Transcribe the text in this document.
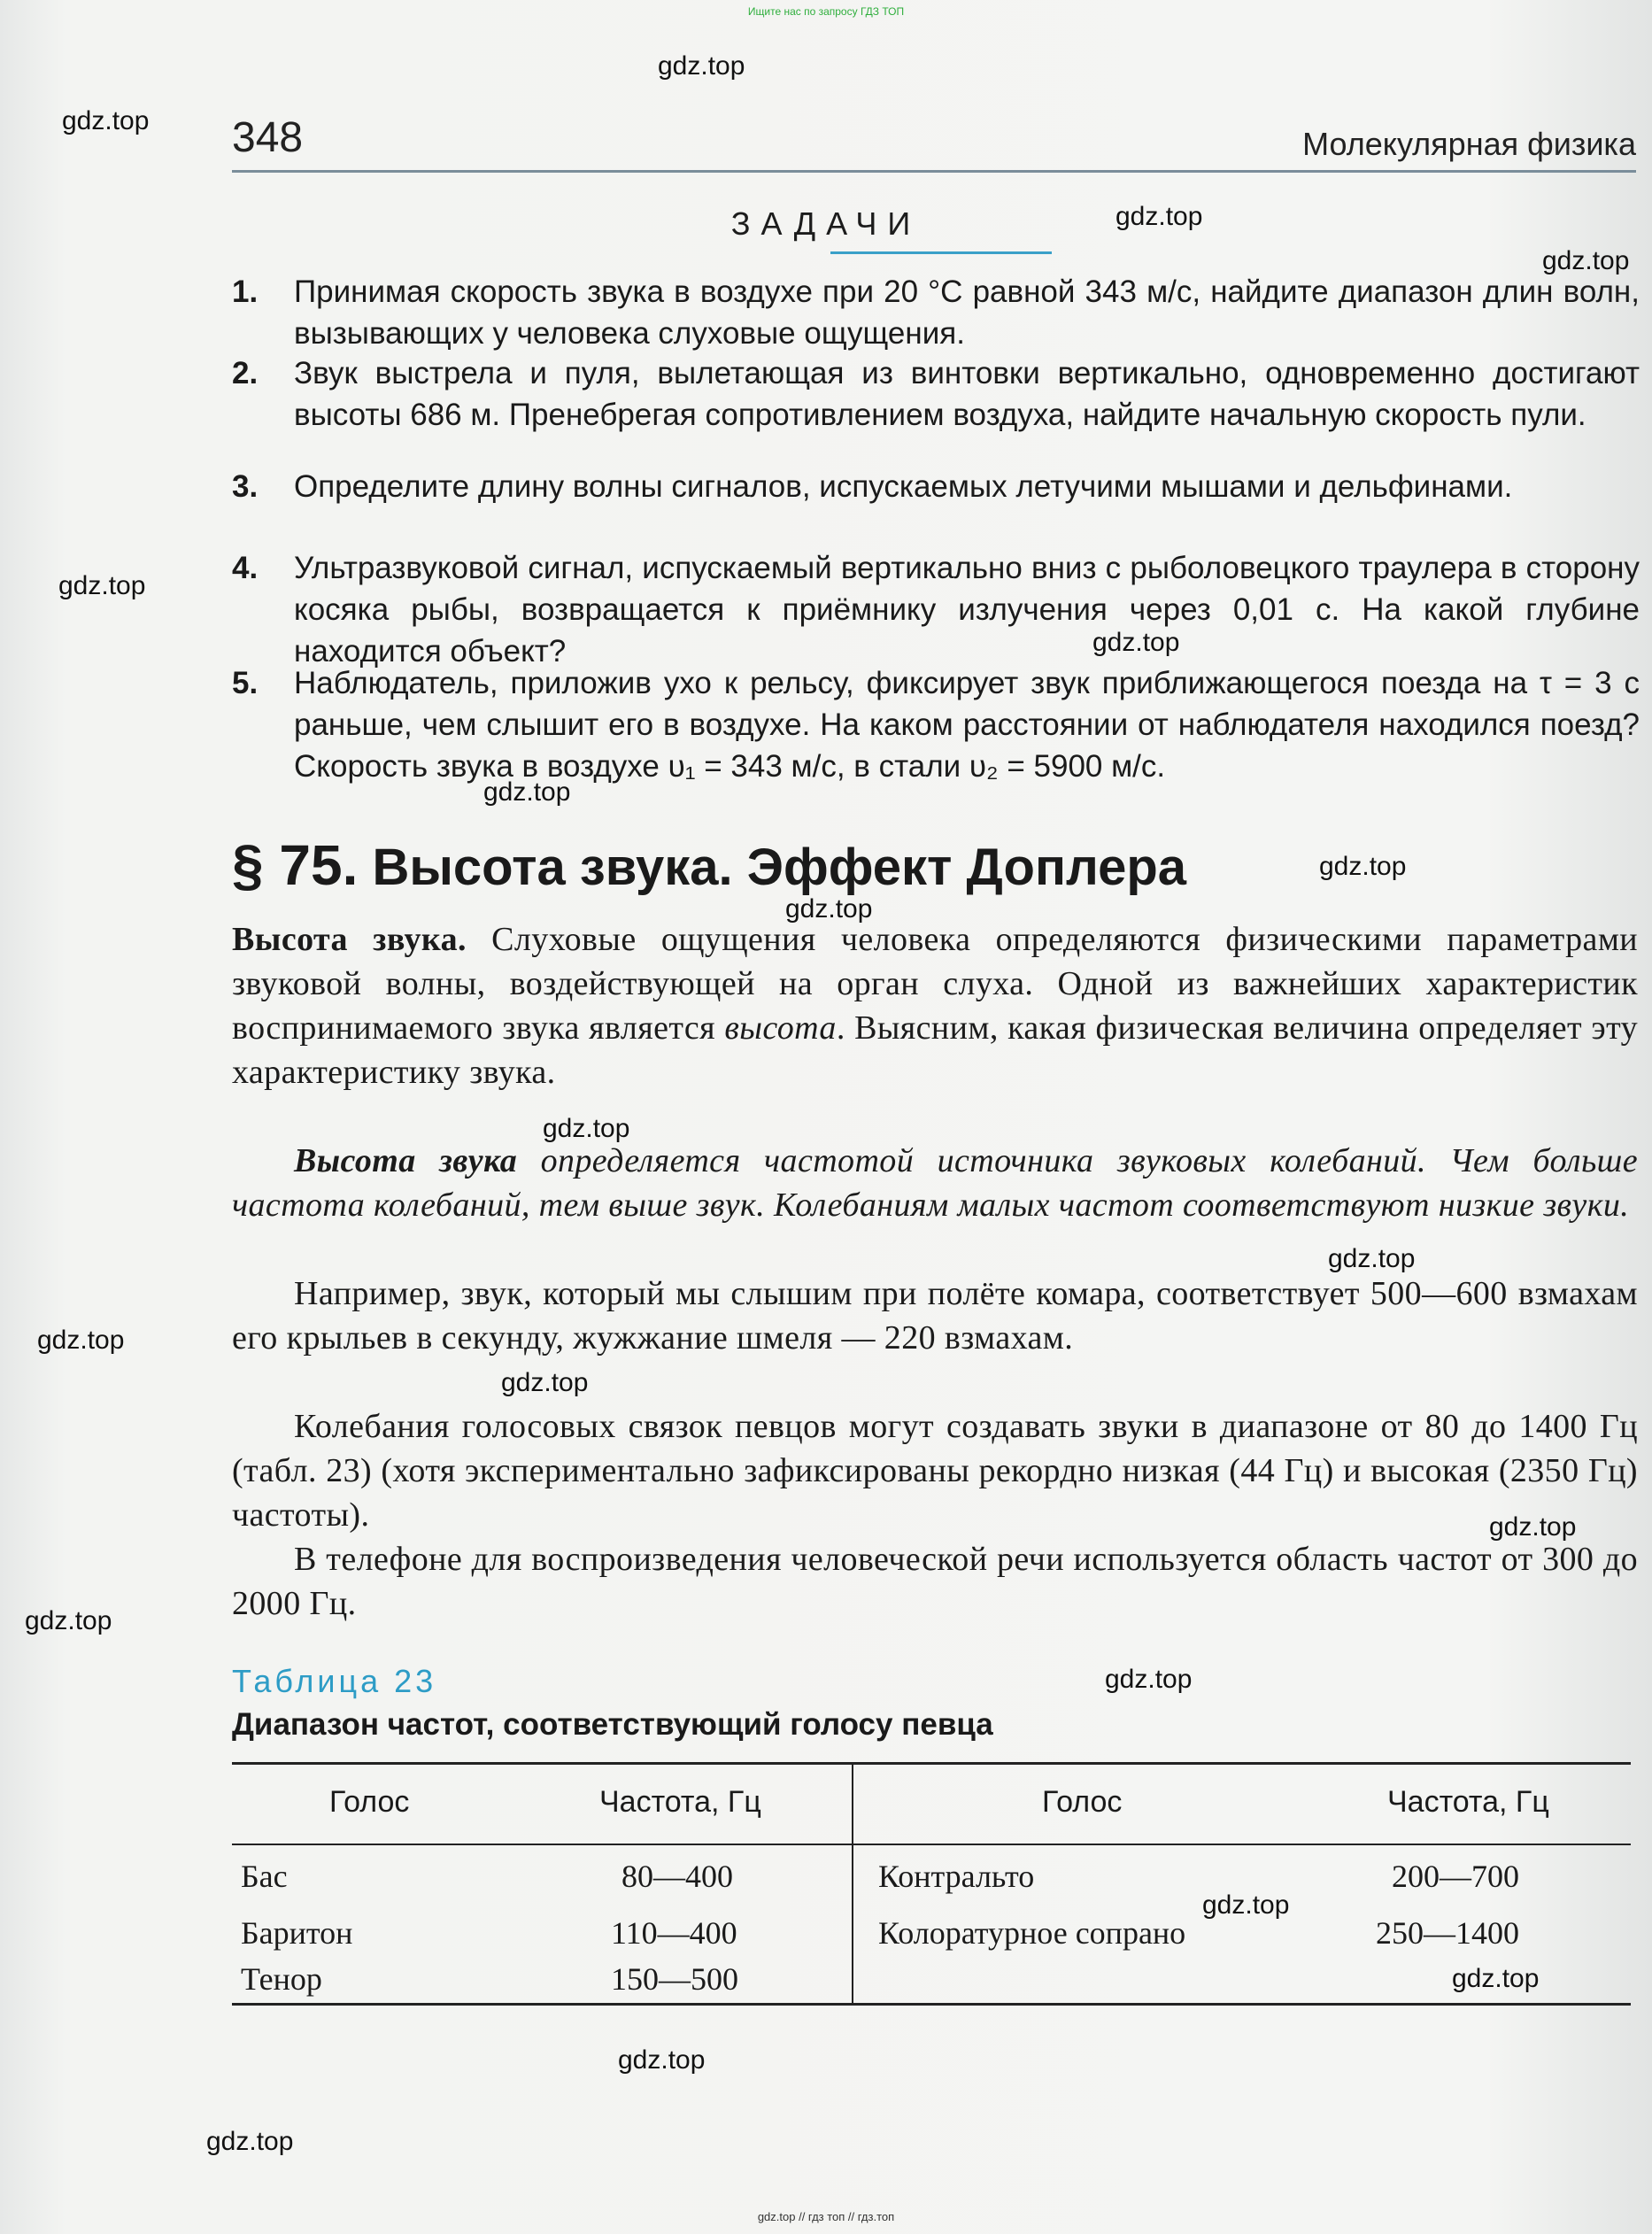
Ищите нас по запросу ГДЗ ТОП
gdz.top
gdz.top
gdz.top
gdz.top
gdz.top
gdz.top
gdz.top
gdz.top
gdz.top
gdz.top
gdz.top
gdz.top
gdz.top
gdz.top
gdz.top
gdz.top
gdz.top
gdz.top
gdz.top
gdz.top
348	Молекулярная физика
ЗАДАЧИ
1. Принимая скорость звука в воздухе при 20 °С равной 343 м/с, найдите диапазон длин волн, вызывающих у человека слуховые ощущения.
2. Звук выстрела и пуля, вылетающая из винтовки вертикально, одновременно достигают высоты 686 м. Пренебрегая сопротивлением воздуха, найдите начальную скорость пули.
3. Определите длину волны сигналов, испускаемых летучими мышами и дельфинами.
4. Ультразвуковой сигнал, испускаемый вертикально вниз с рыболовецкого траулера в сторону косяка рыбы, возвращается к приёмнику излучения через 0,01 с. На какой глубине находится объект?
5. Наблюдатель, приложив ухо к рельсу, фиксирует звук приближающегося поезда на τ = 3 с раньше, чем слышит его в воздухе. На каком расстоянии от наблюдателя находился поезд? Скорость звука в воздухе υ₁ = 343 м/с, в стали υ₂ = 5900 м/с.
§ 75. Высота звука. Эффект Доплера
Высота звука. Слуховые ощущения человека определяются физическими параметрами звуковой волны, воздействующей на орган слуха. Одной из важнейших характеристик воспринимаемого звука является высота. Выясним, какая физическая величина определяет эту характеристику звука.
Высота звука определяется частотой источника звуковых колебаний. Чем больше частота колебаний, тем выше звук. Колебаниям малых частот соответствуют низкие звуки.
Например, звук, который мы слышим при полёте комара, соответствует 500—600 взмахам его крыльев в секунду, жужжание шмеля — 220 взмахам.
Колебания голосовых связок певцов могут создавать звуки в диапазоне от 80 до 1400 Гц (табл. 23) (хотя экспериментально зафиксированы рекордно низкая (44 Гц) и высокая (2350 Гц) частоты).
В телефоне для воспроизведения человеческой речи используется область частот от 300 до 2000 Гц.
Таблица 23
Диапазон частот, соответствующий голосу певца
Голос	Частота, Гц	Голос	Частота, Гц
Бас	80—400	Контральто	200—700
Баритон	110—400	Колоратурное сопрано	250—1400
Тенор	150—500
gdz.top // гдз топ // гдз.топ
